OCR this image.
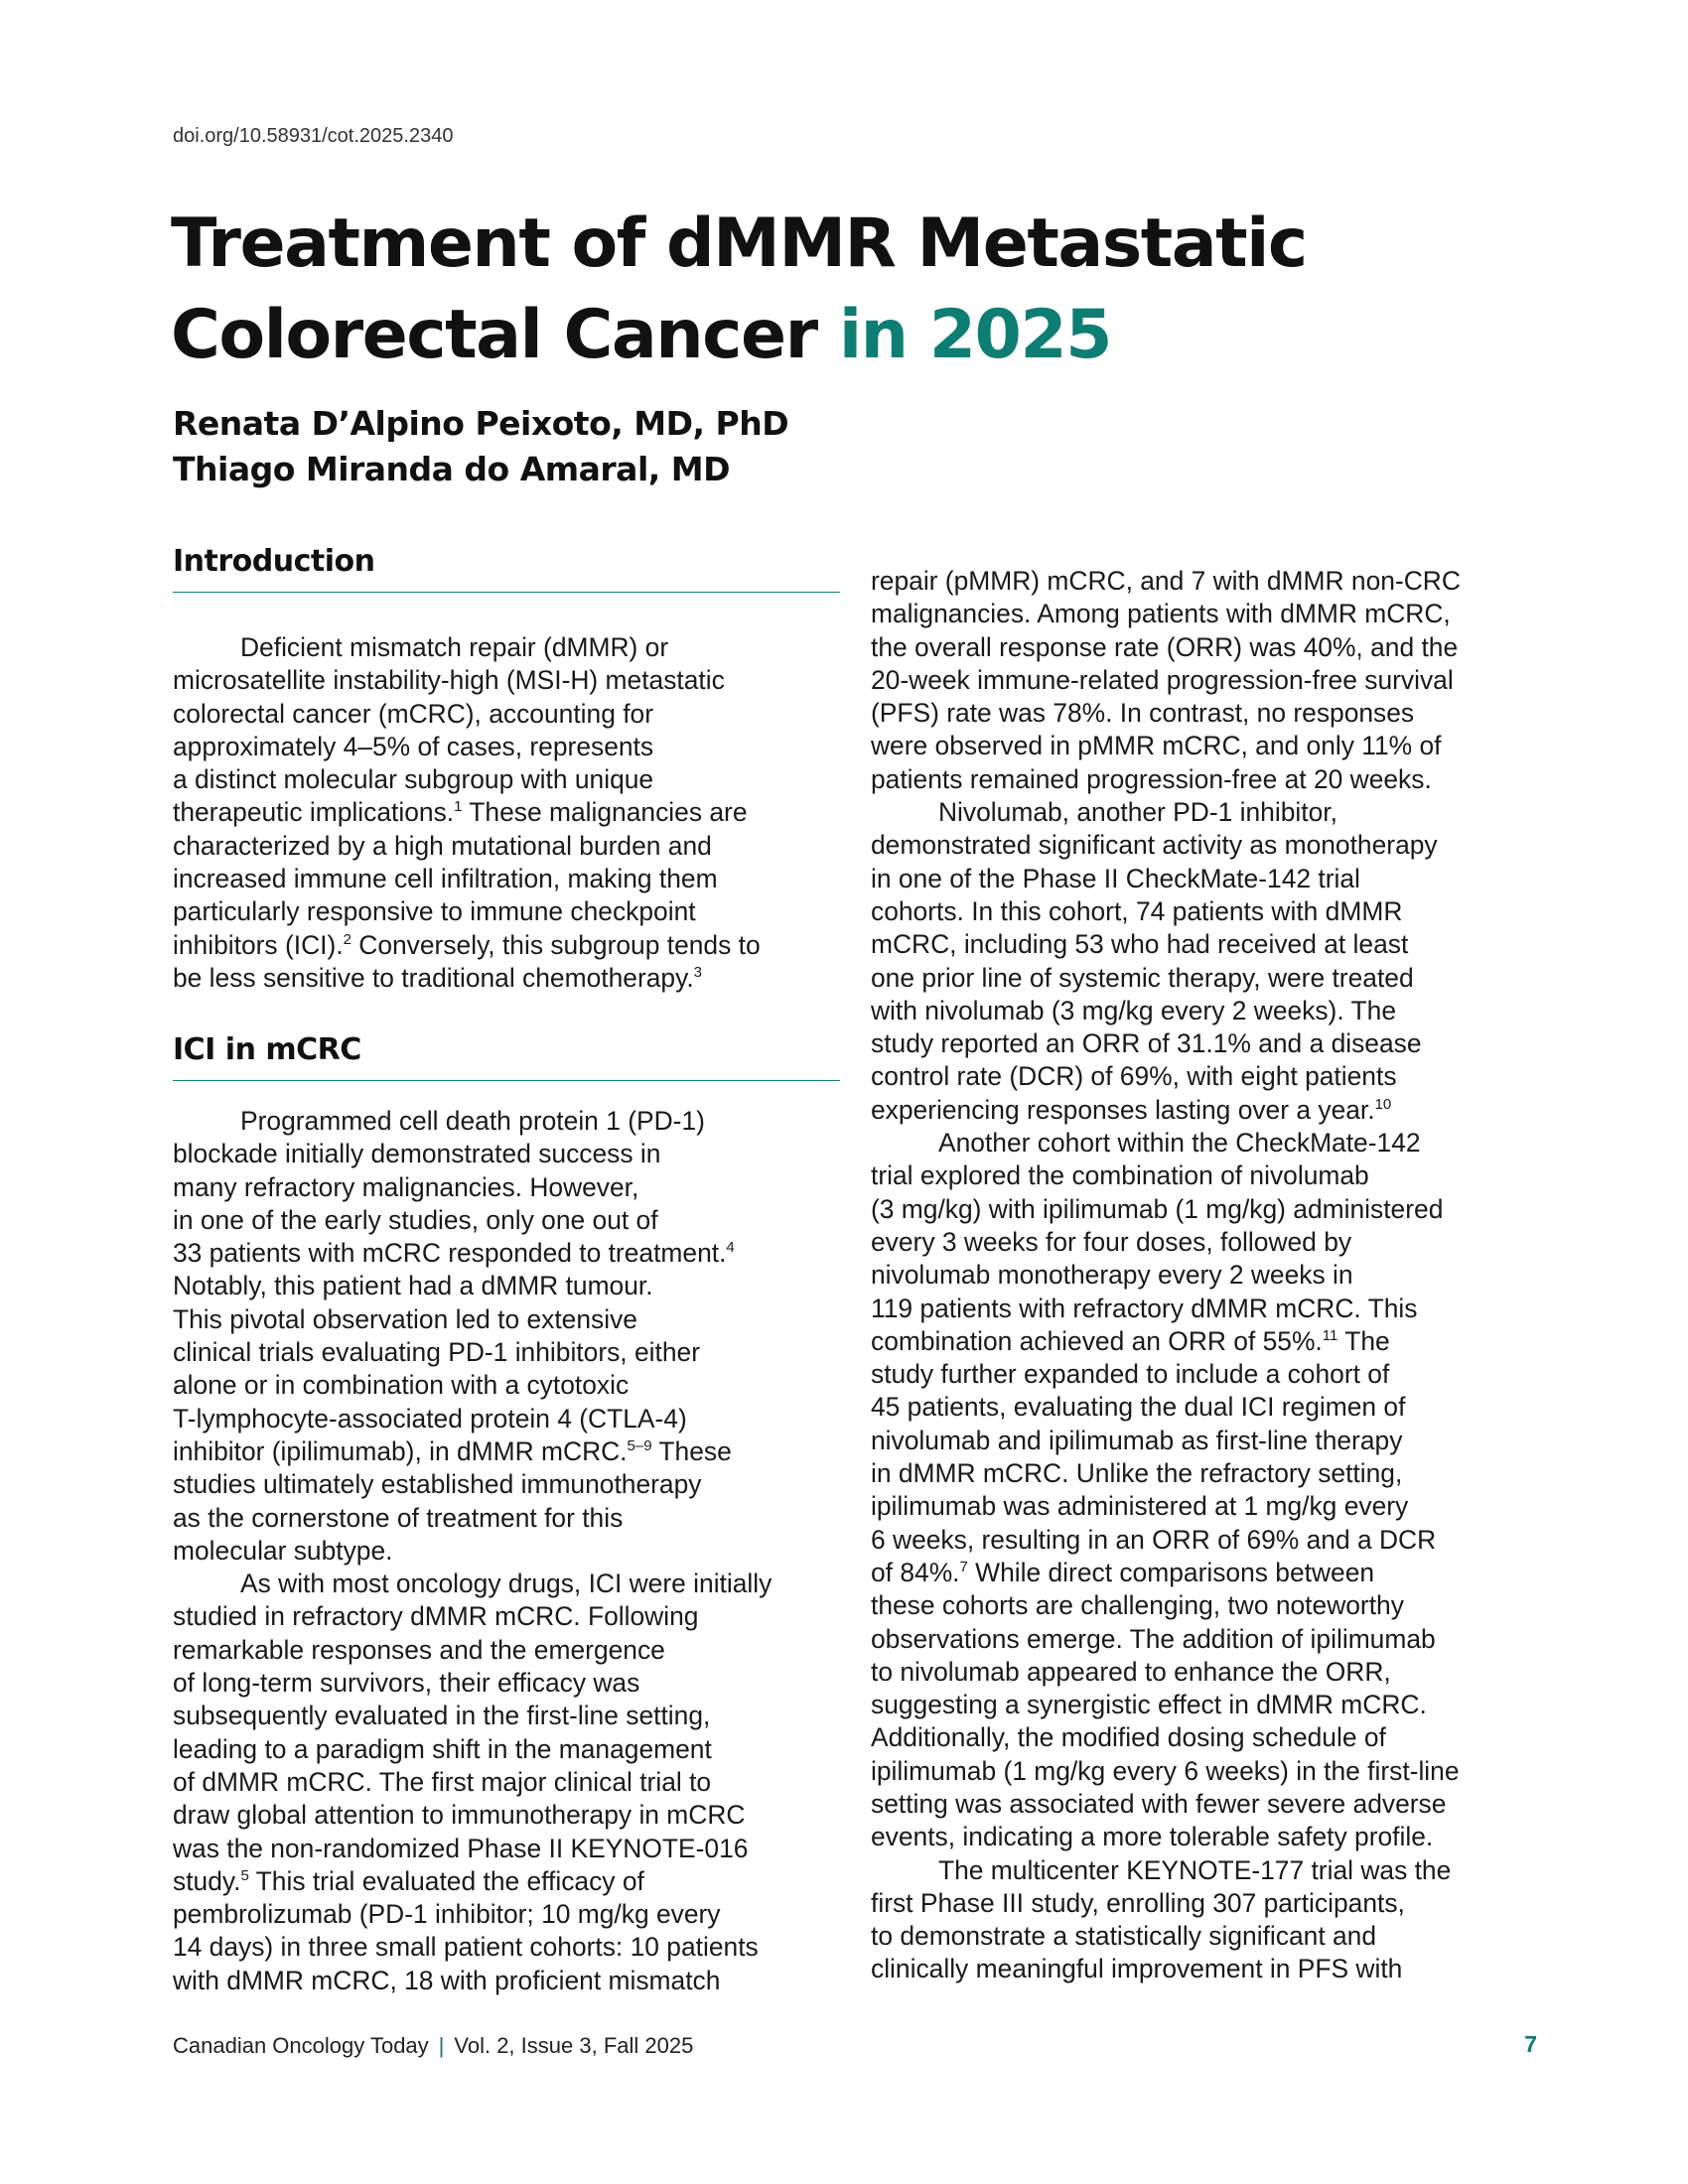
doi.org/10.58931/cot.2025.2340
Treatment of dMMR Metastatic
Colorectal Cancer in 2025
Renata D’Alpino Peixoto, MD, PhD
Thiago Miranda do Amaral, MD
Introduction

Deficient mismatch repair (dMMR) or
microsatellite instability-high (MSI-H) metastatic
colorectal cancer (mCRC), accounting for
approximately 4–5% of cases, represents
a distinct molecular subgroup with unique
therapeutic implications.$^1$ These malignancies are
characterized by a high mutational burden and
increased immune cell infiltration, making them
particularly responsive to immune checkpoint
inhibitors (ICI).$^2$ Conversely, this subgroup tends to
be less sensitive to traditional chemotherapy.$^3$

ICI in mCRC

Programmed cell death protein 1 (PD-1)
blockade initially demonstrated success in
many refractory malignancies. However,
in one of the early studies, only one out of
33 patients with mCRC responded to treatment.$^4$
Notably, this patient had a dMMR tumour.
This pivotal observation led to extensive
clinical trials evaluating PD-1 inhibitors, either
alone or in combination with a cytotoxic
T-lymphocyte-associated protein 4 (CTLA-4)
inhibitor (ipilimumab), in dMMR mCRC.$^{5-9}$ These
studies ultimately established immunotherapy
as the cornerstone of treatment for this
molecular subtype.
As with most oncology drugs, ICI were initially
studied in refractory dMMR mCRC. Following
remarkable responses and the emergence
of long-term survivors, their efficacy was
subsequently evaluated in the first-line setting,
leading to a paradigm shift in the management
of dMMR mCRC. The first major clinical trial to
draw global attention to immunotherapy in mCRC
was the non-randomized Phase II KEYNOTE-016
study.$^5$ This trial evaluated the efficacy of
pembrolizumab (PD-1 inhibitor; 10 mg/kg every
14 days) in three small patient cohorts: 10 patients
with dMMR mCRC, 18 with proficient mismatch

repair (pMMR) mCRC, and 7 with dMMR non-CRC
malignancies. Among patients with dMMR mCRC,
the overall response rate (ORR) was 40%, and the
20-week immune-related progression-free survival
(PFS) rate was 78%. In contrast, no responses
were observed in pMMR mCRC, and only 11% of
patients remained progression-free at 20 weeks.
Nivolumab, another PD-1 inhibitor,
demonstrated significant activity as monotherapy
in one of the Phase II CheckMate-142 trial
cohorts. In this cohort, 74 patients with dMMR
mCRC, including 53 who had received at least
one prior line of systemic therapy, were treated
with nivolumab (3 mg/kg every 2 weeks). The
study reported an ORR of 31.1% and a disease
control rate (DCR) of 69%, with eight patients
experiencing responses lasting over a year.$^{10}$
Another cohort within the CheckMate-142
trial explored the combination of nivolumab
(3 mg/kg) with ipilimumab (1 mg/kg) administered
every 3 weeks for four doses, followed by
nivolumab monotherapy every 2 weeks in
119 patients with refractory dMMR mCRC. This
combination achieved an ORR of 55%.$^{11}$ The
study further expanded to include a cohort of
45 patients, evaluating the dual ICI regimen of
nivolumab and ipilimumab as first-line therapy
in dMMR mCRC. Unlike the refractory setting,
ipilimumab was administered at 1 mg/kg every
6 weeks, resulting in an ORR of 69% and a DCR
of 84%.$^7$ While direct comparisons between
these cohorts are challenging, two noteworthy
observations emerge. The addition of ipilimumab
to nivolumab appeared to enhance the ORR,
suggesting a synergistic effect in dMMR mCRC.
Additionally, the modified dosing schedule of
ipilimumab (1 mg/kg every 6 weeks) in the first-line
setting was associated with fewer severe adverse
events, indicating a more tolerable safety profile.
The multicenter KEYNOTE-177 trial was the
first Phase III study, enrolling 307 participants,
to demonstrate a statistically significant and
clinically meaningful improvement in PFS with

Canadian Oncology Today | Vol. 2, Issue 3, Fall 2025	7
